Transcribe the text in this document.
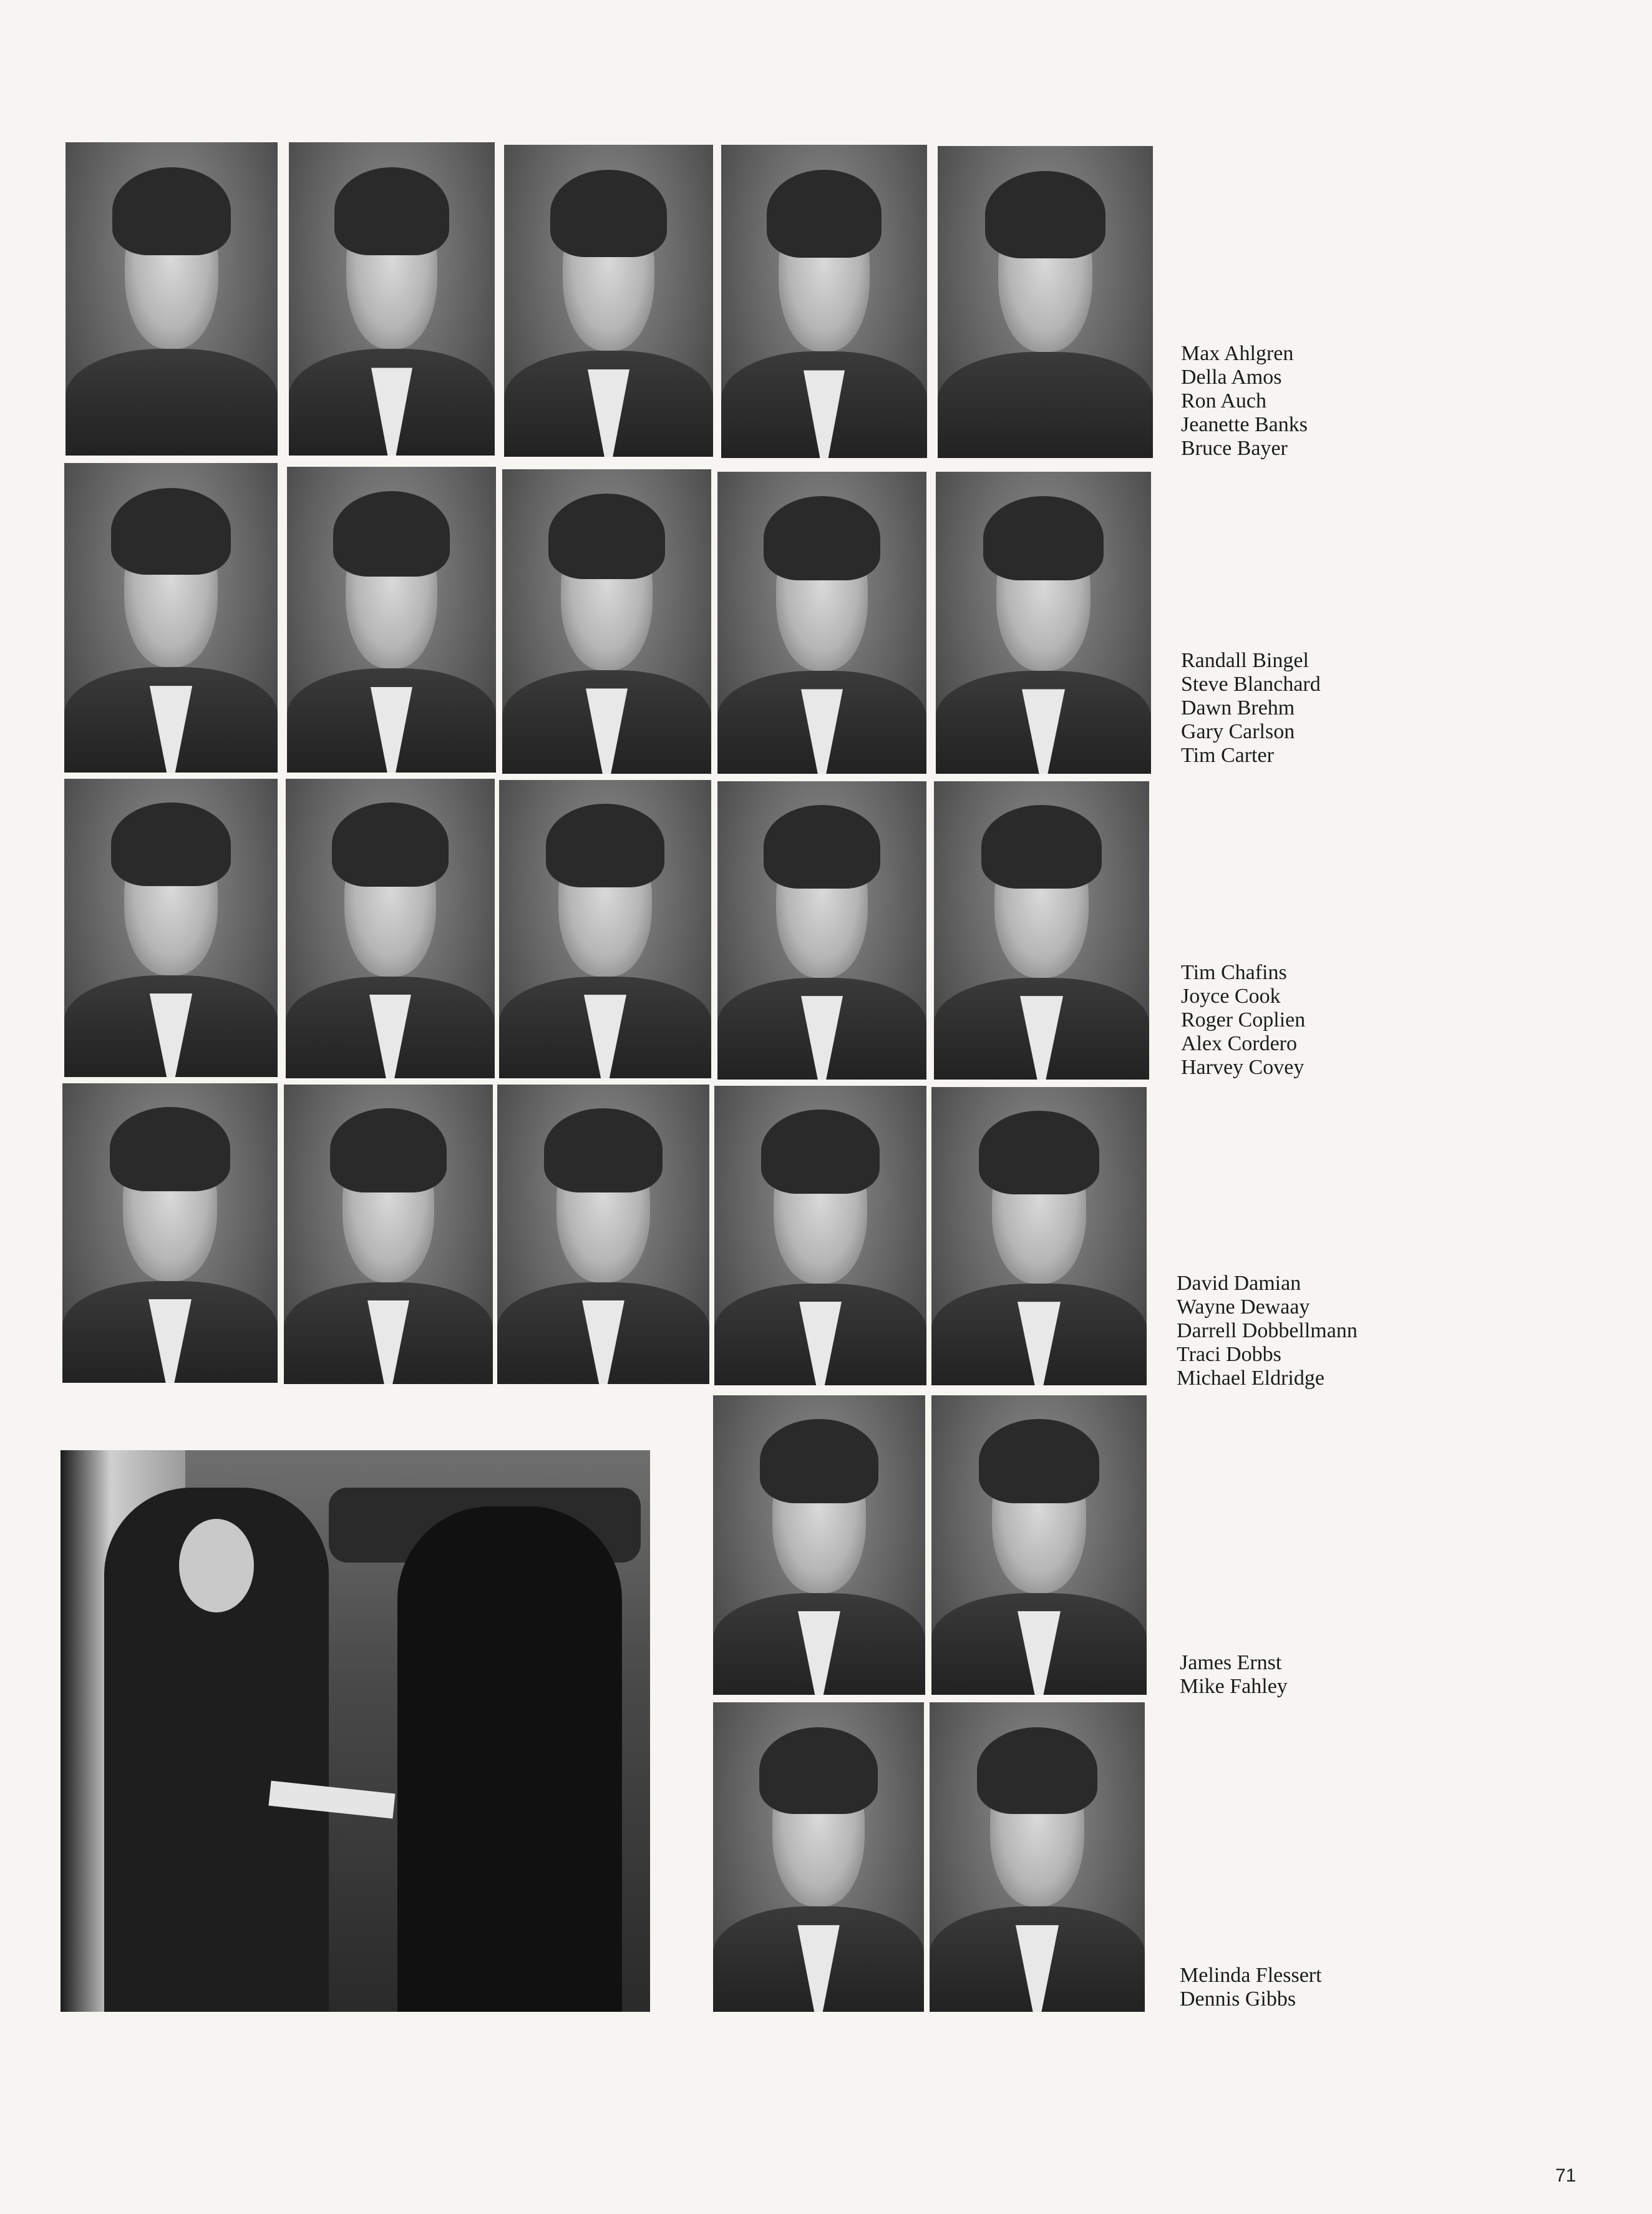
Max Ahlgren
Della Amos
Ron Auch
Jeanette Banks
Bruce Bayer
Randall Bingel
Steve Blanchard
Dawn Brehm
Gary Carlson
Tim Carter
Tim Chafins
Joyce Cook
Roger Coplien
Alex Cordero
Harvey Covey
David Damian
Wayne Dewaay
Darrell Dobbellmann
Traci Dobbs
Michael Eldridge
James Ernst
Mike Fahley
Melinda Flessert
Dennis Gibbs
71
